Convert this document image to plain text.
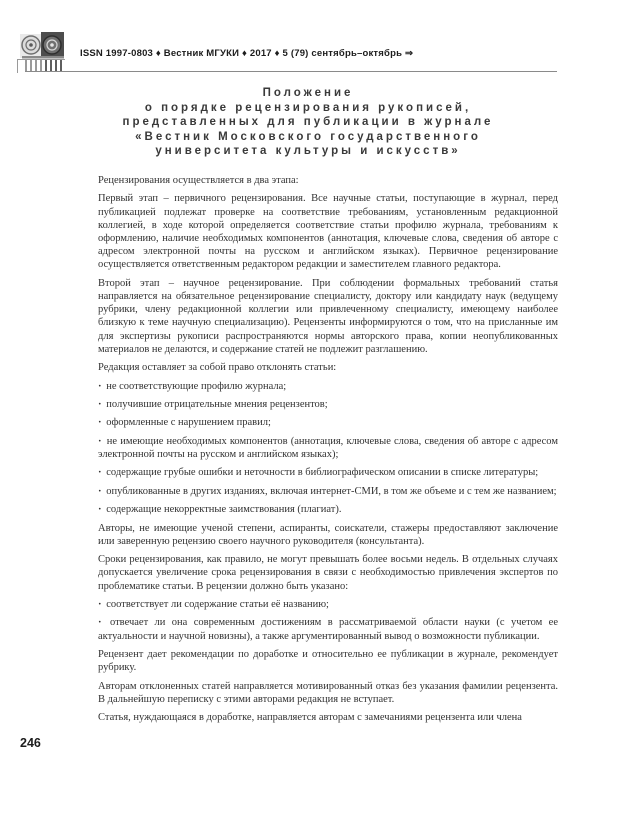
ISSN 1997-0803 ♦ Вестник МГУКИ ♦ 2017 ♦ 5 (79) сентябрь–октябрь ⇒
Положение
о порядке рецензирования рукописей,
представленных для публикации в журнале
«Вестник Московского государственного
университета культуры и искусств»

Рецензирования осуществляется в два этапа:

Первый этап – первичного рецензирования. Все научные статьи, поступающие в журнал, перед публикацией подлежат проверке на соответствие требованиям, установленным редакционной коллегией, в ходе которой определяется соответствие статьи профилю журнала, требованиям к оформлению, наличие необходимых компонентов (аннотация, ключевые слова, сведения об авторе с адресом электронной почты на русском и английском языках). Первичное рецензирование осуществляется ответственным редактором редакции и заместителем главного редактора.

Второй этап – научное рецензирование. При соблюдении формальных требований статья направляется на обязательное рецензирование специалисту, доктору или кандидату наук (ведущему рубрики, члену редакционной коллегии или привлеченному специалисту, имеющему наиболее близкую к теме научную специализацию). Рецензенты информируются о том, что на присланные им для экспертизы рукописи распространяются нормы авторского права, копии неопубликованных материалов не делаются, и содержание статей не подлежит разглашению.

Редакция оставляет за собой право отклонять статьи:

·  не соответствующие профилю журнала;

·  получившие отрицательные мнения рецензентов;

·  оформленные с нарушением правил;

·  не имеющие необходимых компонентов (аннотация, ключевые слова, сведения об авторе с адресом электронной почты на русском и английском языках);

·  содержащие грубые ошибки и неточности в библиографическом описании в списке литературы;

·  опубликованные в других изданиях, включая интернет-СМИ, в том же объеме и с тем же названием;

·  содержащие некорректные заимствования (плагиат).

Авторы, не имеющие ученой степени, аспиранты, соискатели, стажеры предоставляют заключение или заверенную рецензию своего научного руководителя (консультанта).

Сроки рецензирования, как правило, не могут превышать более восьми недель. В отдельных случаях допускается увеличение срока рецензирования в связи с необходимостью привлечения экспертов по проблематике статьи. В рецензии должно быть указано:

·  соответствует ли содержание статьи её названию;

·  отвечает ли она современным достижениям в рассматриваемой области науки (с учетом ее актуальности и научной новизны), а также аргументированный вывод о возможности публикации.

Рецензент дает рекомендации по доработке и относительно ее публикации в журнале, рекомендует рубрику.

Авторам отклоненных статей направляется мотивированный отказ без указания фамилии рецензента. В дальнейшую переписку с этими авторами редакция не вступает.

Статья, нуждающаяся в доработке, направляется авторам с замечаниями рецензента или члена

246
